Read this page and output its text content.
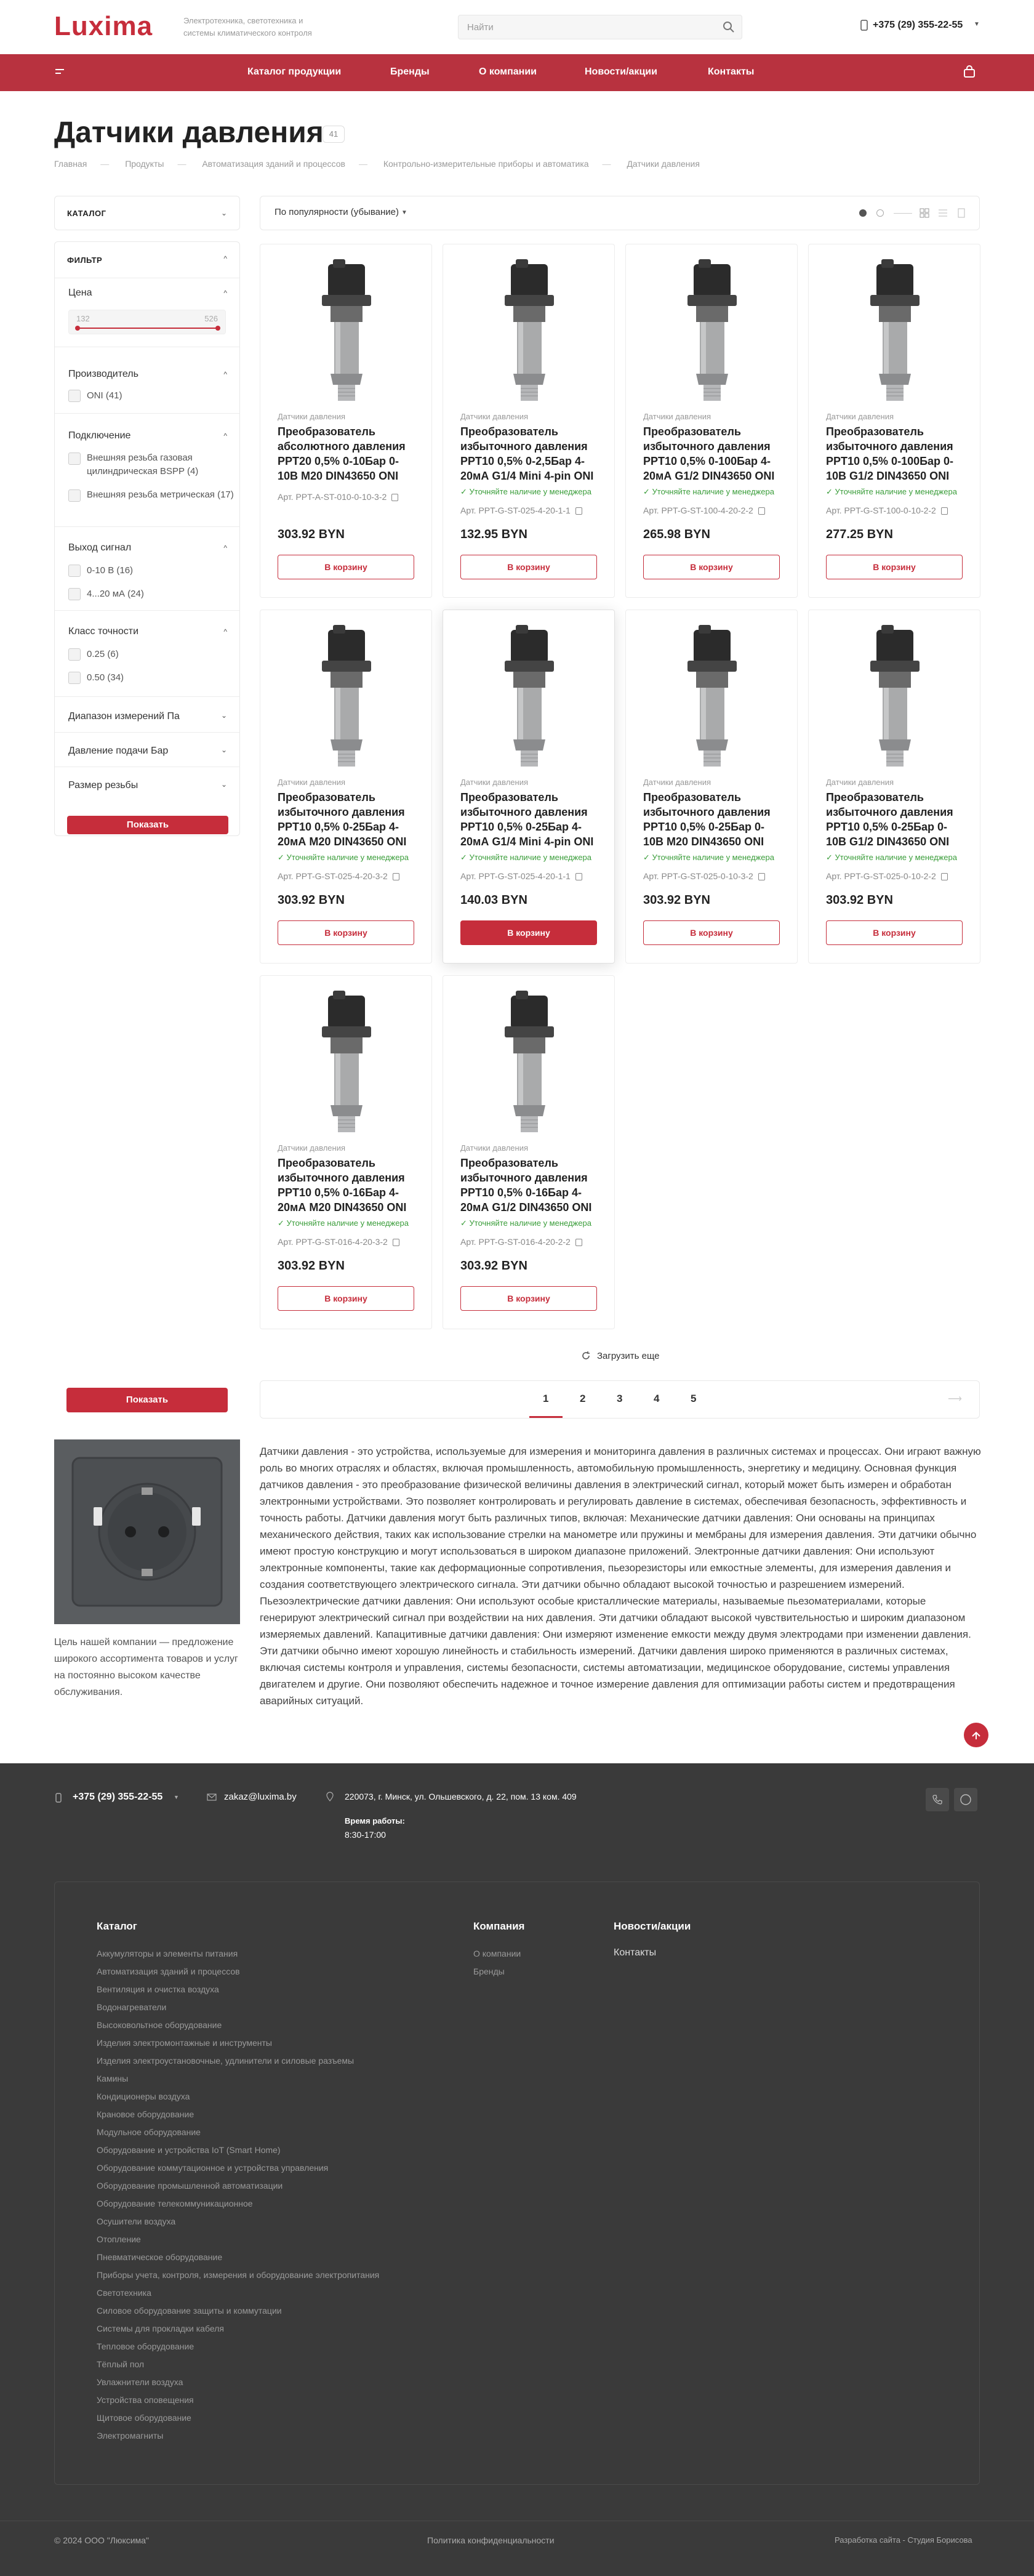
Luxima	Электротехника, светотехника и системы климатического контроля
Найти	+375 (29) 355-22-55 ▼
Каталог продукции	Бренды	О компании	Новости/акции	Контакты
Датчики давления 41
Главная — Продукты — Автоматизация зданий и процессов — Контрольно-измерительные приборы и автоматика — Датчики давления
КАТАЛОГ	⌄
ФИЛЬТР	^
Цена	^
132	526
Производитель	^
ONI (41)
Подключение	^
Внешняя резьба газовая цилиндрическая BSPP (4)
Внешняя резьба метрическая (17)
Выход сигнал	^
0-10 В (16)
4...20 мА (24)
Класс точности	^
0.25 (6)
0.50 (34)
Диапазон измерений Па	⌄
Давление подачи Бар	⌄
Размер резьбы	⌄
Показать
По популярности (убывание) ▼
Датчики давления
Преобразователь абсолютного давления PPT20 0,5% 0-10Бар 0-10В M20 DIN43650 ONI
Арт. PPT-A-ST-010-0-10-3-2
303.92 BYN
В корзину
Датчики давления
Преобразователь избыточного давления PPT10 0,5% 0-2,5Бар 4-20мА G1/4 Mini 4-pin ONI
✓ Уточняйте наличие у менеджера
Арт. PPT-G-ST-025-4-20-1-1
132.95 BYN
В корзину
Датчики давления
Преобразователь избыточного давления PPT10 0,5% 0-100Бар 4-20мА G1/2 DIN43650 ONI
✓ Уточняйте наличие у менеджера
Арт. PPT-G-ST-100-4-20-2-2
265.98 BYN
В корзину
Датчики давления
Преобразователь избыточного давления PPT10 0,5% 0-100Бар 0-10В G1/2 DIN43650 ONI
✓ Уточняйте наличие у менеджера
Арт. PPT-G-ST-100-0-10-2-2
277.25 BYN
В корзину
Датчики давления
Преобразователь избыточного давления PPT10 0,5% 0-25Бар 4-20мА M20 DIN43650 ONI
✓ Уточняйте наличие у менеджера
Арт. PPT-G-ST-025-4-20-3-2
303.92 BYN
В корзину
Датчики давления
Преобразователь избыточного давления PPT10 0,5% 0-25Бар 4-20мА G1/4 Mini 4-pin ONI
✓ Уточняйте наличие у менеджера
Арт. PPT-G-ST-025-4-20-1-1
140.03 BYN
В корзину
Датчики давления
Преобразователь избыточного давления PPT10 0,5% 0-25Бар 0-10В M20 DIN43650 ONI
✓ Уточняйте наличие у менеджера
Арт. PPT-G-ST-025-0-10-3-2
303.92 BYN
В корзину
Датчики давления
Преобразователь избыточного давления PPT10 0,5% 0-25Бар 0-10В G1/2 DIN43650 ONI
✓ Уточняйте наличие у менеджера
Арт. PPT-G-ST-025-0-10-2-2
303.92 BYN
В корзину
Датчики давления
Преобразователь избыточного давления PPT10 0,5% 0-16Бар 4-20мА M20 DIN43650 ONI
✓ Уточняйте наличие у менеджера
Арт. PPT-G-ST-016-4-20-3-2
303.92 BYN
В корзину
Датчики давления
Преобразователь избыточного давления PPT10 0,5% 0-16Бар 4-20мА G1/2 DIN43650 ONI
✓ Уточняйте наличие у менеджера
Арт. PPT-G-ST-016-4-20-2-2
303.92 BYN
В корзину
Загрузить еще
Показать	1	2	3	4	5	⟶
Цель нашей компании — предложение широкого ассортимента товаров и услуг на постоянно высоком качестве обслуживания.
Датчики давления - это устройства, используемые для измерения и мониторинга давления в различных системах и процессах. Они играют важную роль во многих отраслях и областях, включая промышленность, автомобильную промышленность, энергетику и медицину. Основная функция датчиков давления - это преобразование физической величины давления в электрический сигнал, который может быть измерен и обработан электронными устройствами. Это позволяет контролировать и регулировать давление в системах, обеспечивая безопасность, эффективность и точность работы. Датчики давления могут быть различных типов, включая: Механические датчики давления: Они основаны на принципах механического действия, таких как использование стрелки на манометре или пружины и мембраны для измерения давления. Эти датчики обычно имеют простую конструкцию и могут использоваться в широком диапазоне приложений. Электронные датчики давления: Они используют электронные компоненты, такие как деформационные сопротивления, пьезорезисторы или емкостные элементы, для измерения давления и создания соответствующего электрического сигнала. Эти датчики обычно обладают высокой точностью и разрешением измерений. Пьезоэлектрические датчики давления: Они используют особые кристаллические материалы, называемые пьезоматериалами, которые генерируют электрический сигнал при воздействии на них давления. Эти датчики обладают высокой чувствительностью и широким диапазоном измеряемых давлений. Капацитивные датчики давления: Они измеряют изменение емкости между двумя электродами при изменении давления. Эти датчики обычно имеют хорошую линейность и стабильность измерений. Датчики давления широко применяются в различных системах, включая системы контроля и управления, системы безопасности, системы автоматизации, медицинское оборудование, системы управления двигателем и другие. Они позволяют обеспечить надежное и точное измерение давления для оптимизации работы систем и предотвращения аварийных ситуаций.
+375 (29) 355-22-55 ▼	zakaz@luxima.by	220073, г. Минск, ул. Ольшевского, д. 22, пом. 13 ком. 409
Время работы:
8:30-17:00
Каталог
Аккумуляторы и элементы питания
Автоматизация зданий и процессов
Вентиляция и очистка воздуха
Водонагреватели
Высоковольтное оборудование
Изделия электромонтажные и инструменты
Изделия электроустановочные, удлинители и силовые разъемы
Камины
Кондиционеры воздуха
Крановое оборудование
Модульное оборудование
Оборудование и устройства IoT (Smart Home)
Оборудование коммутационное и устройства управления
Оборудование промышленной автоматизации
Оборудование телекоммуникационное
Осушители воздуха
Отопление
Пневматическое оборудование
Приборы учета, контроля, измерения и оборудование электропитания
Светотехника
Силовое оборудование защиты и коммутации
Системы для прокладки кабеля
Тепловое оборудование
Тёплый пол
Увлажнители воздуха
Устройства оповещения
Щитовое оборудование
Электромагниты
Компания
О компании
Бренды
Новости/акции
Контакты
© 2024 ООО "Люксима"	Политика конфиденциальности	Разработка сайта - Студия Борисова
